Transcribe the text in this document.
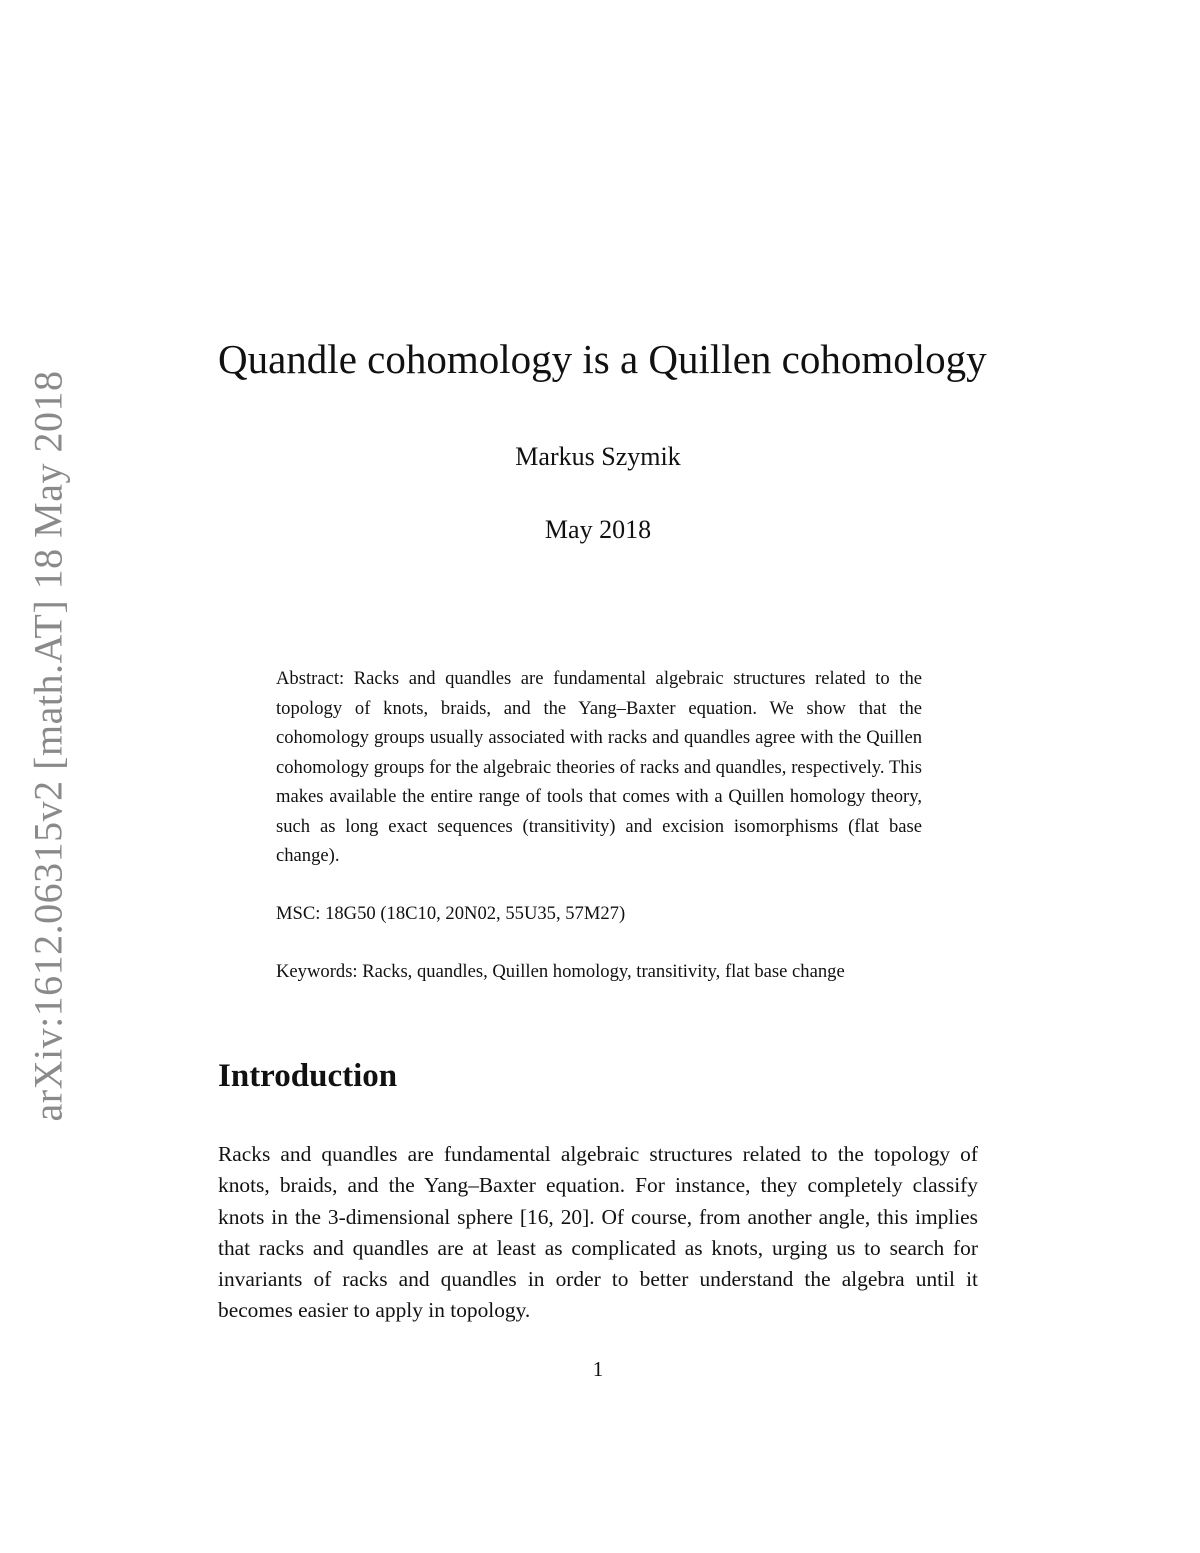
arXiv:1612.06315v2 [math.AT] 18 May 2018
Quandle cohomology is a Quillen cohomology
Markus Szymik
May 2018

Abstract: Racks and quandles are fundamental algebraic structures related to the topology of knots, braids, and the Yang–Baxter equation. We show that the cohomology groups usually associated with racks and quandles agree with the Quillen cohomology groups for the algebraic theories of racks and quandles, respectively. This makes available the entire range of tools that comes with a Quillen homology theory, such as long exact sequences (transitivity) and excision isomorphisms (flat base change).

MSC: 18G50 (18C10, 20N02, 55U35, 57M27)

Keywords: Racks, quandles, Quillen homology, transitivity, flat base change

Introduction

Racks and quandles are fundamental algebraic structures related to the topology of knots, braids, and the Yang–Baxter equation. For instance, they completely classify knots in the 3-dimensional sphere [16, 20]. Of course, from another angle, this implies that racks and quandles are at least as complicated as knots, urging us to search for invariants of racks and quandles in order to better understand the algebra until it becomes easier to apply in topology.

1
